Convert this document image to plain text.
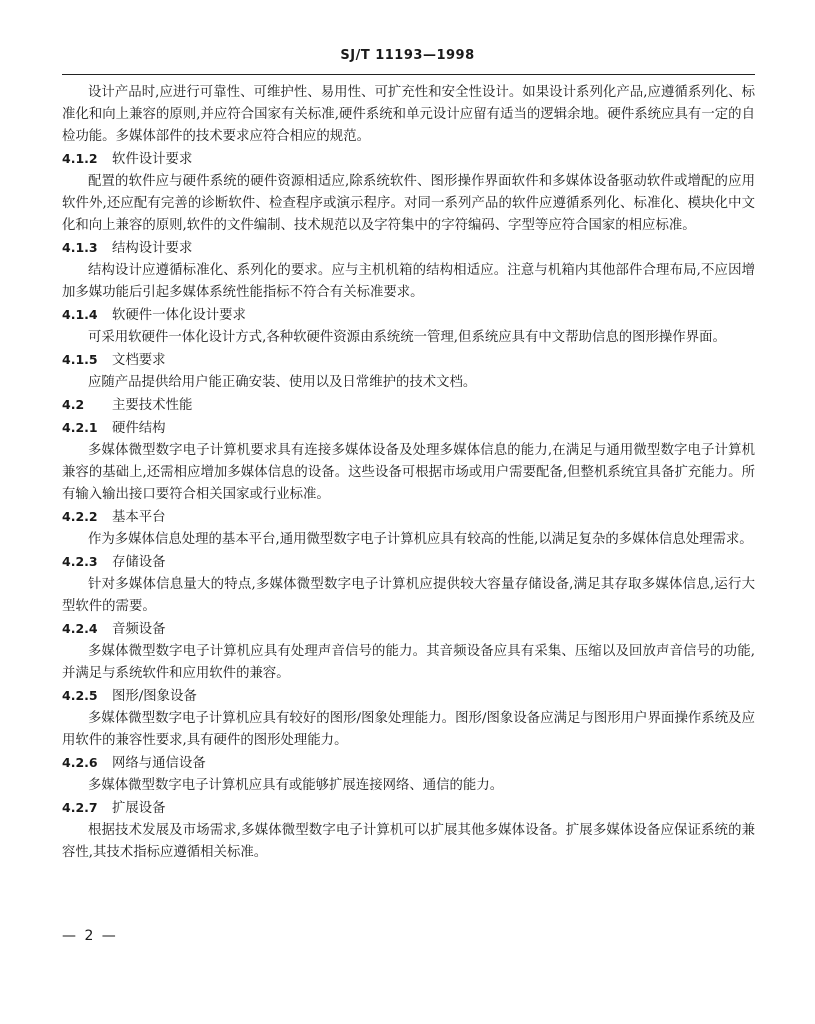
SJ/T 11193—1998

设计产品时,应进行可靠性、可维护性、易用性、可扩充性和安全性设计。如果设计系列化产品,应遵循系列化、标准化和向上兼容的原则,并应符合国家有关标准,硬件系统和单元设计应留有适当的逻辑余地。硬件系统应具有一定的自检功能。多媒体部件的技术要求应符合相应的规范。

4.1.2 软件设计要求

配置的软件应与硬件系统的硬件资源相适应,除系统软件、图形操作界面软件和多媒体设备驱动软件或增配的应用软件外,还应配有完善的诊断软件、检查程序或演示程序。对同一系列产品的软件应遵循系列化、标准化、模块化中文化和向上兼容的原则,软件的文件编制、技术规范以及字符集中的字符编码、字型等应符合国家的相应标准。

4.1.3 结构设计要求

结构设计应遵循标准化、系列化的要求。应与主机机箱的结构相适应。注意与机箱内其他部件合理布局,不应因增加多媒功能后引起多媒体系统性能指标不符合有关标准要求。

4.1.4 软硬件一体化设计要求

可采用软硬件一体化设计方式,各种软硬件资源由系统统一管理,但系统应具有中文帮助信息的图形操作界面。

4.1.5 文档要求

应随产品提供给用户能正确安装、使用以及日常维护的技术文档。

4.2 主要技术性能
4.2.1 硬件结构

多媒体微型数字电子计算机要求具有连接多媒体设备及处理多媒体信息的能力,在满足与通用微型数字电子计算机兼容的基础上,还需相应增加多媒体信息的设备。这些设备可根据市场或用户需要配备,但整机系统宜具备扩充能力。所有输入输出接口要符合相关国家或行业标准。

4.2.2 基本平台

作为多媒体信息处理的基本平台,通用微型数字电子计算机应具有较高的性能,以满足复杂的多媒体信息处理需求。

4.2.3 存储设备

针对多媒体信息量大的特点,多媒体微型数字电子计算机应提供较大容量存储设备,满足其存取多媒体信息,运行大型软件的需要。

4.2.4 音频设备

多媒体微型数字电子计算机应具有处理声音信号的能力。其音频设备应具有采集、压缩以及回放声音信号的功能,并满足与系统软件和应用软件的兼容。

4.2.5 图形/图象设备

多媒体微型数字电子计算机应具有较好的图形/图象处理能力。图形/图象设备应满足与图形用户界面操作系统及应用软件的兼容性要求,具有硬件的图形处理能力。

4.2.6 网络与通信设备

多媒体微型数字电子计算机应具有或能够扩展连接网络、通信的能力。

4.2.7 扩展设备

根据技术发展及市场需求,多媒体微型数字电子计算机可以扩展其他多媒体设备。扩展多媒体设备应保证系统的兼容性,其技术指标应遵循相关标准。

— 2 —
